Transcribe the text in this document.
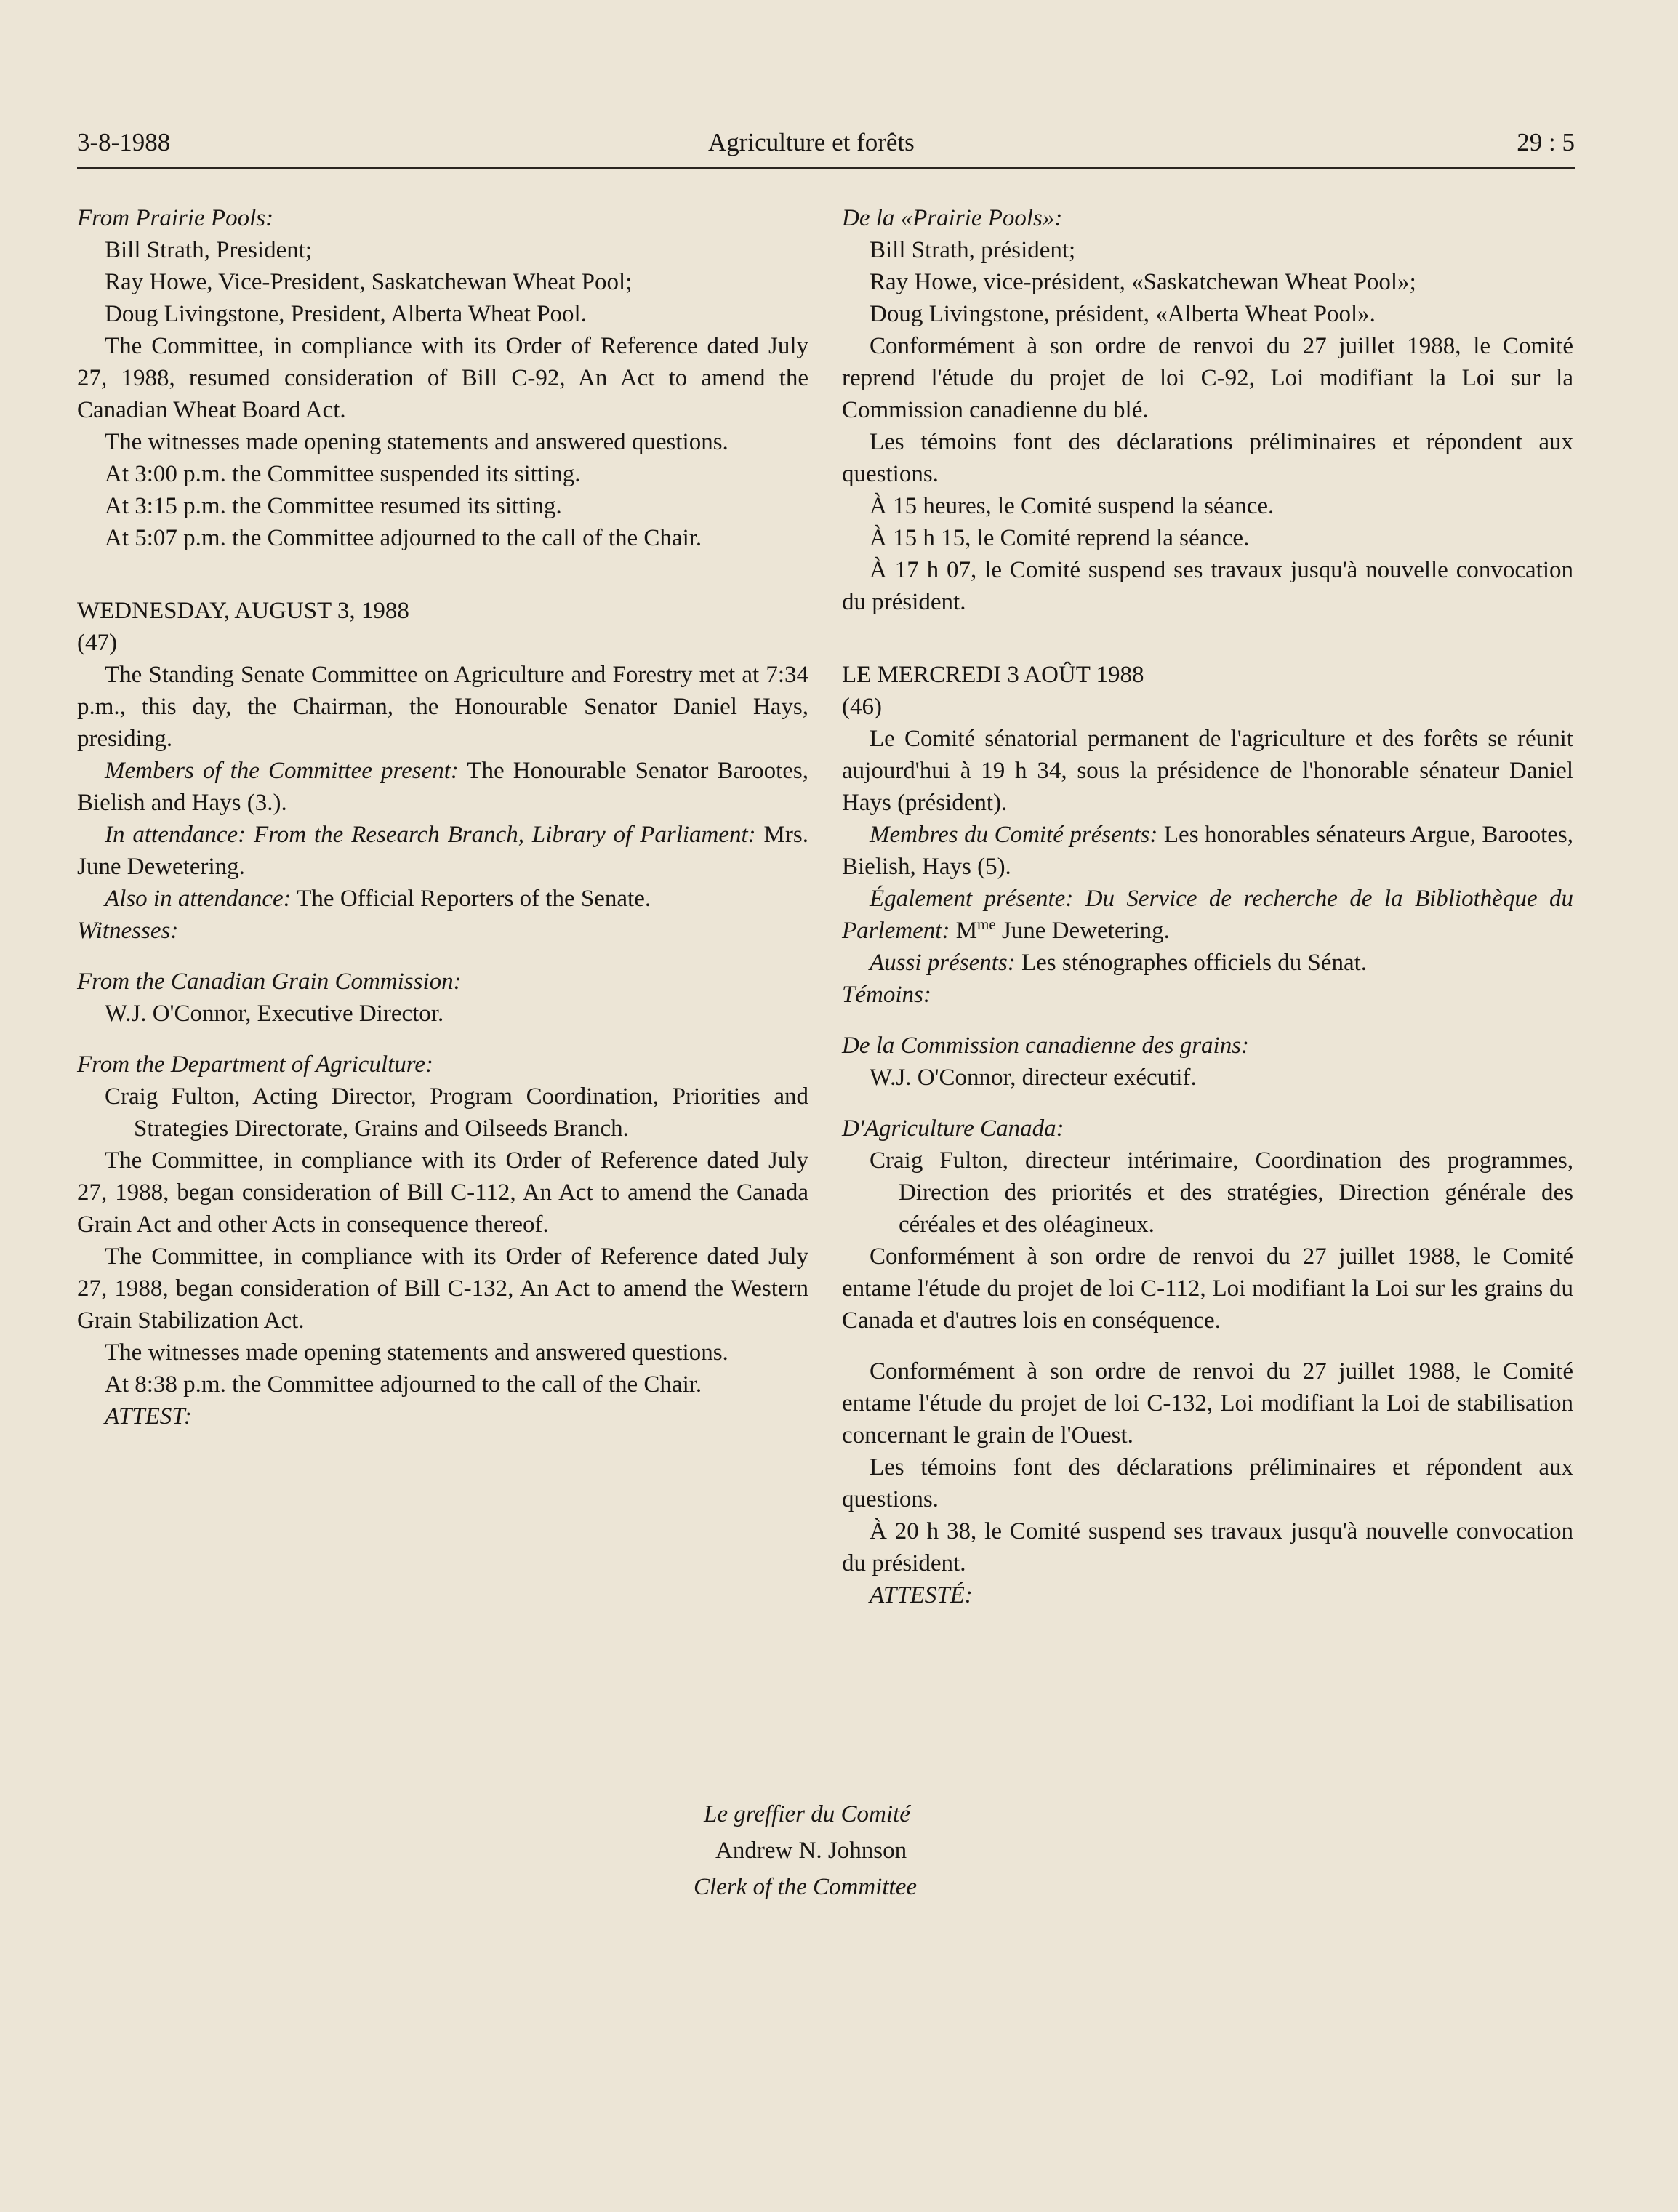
3-8-1988	Agriculture et forêts	29 : 5

From Prairie Pools:

Bill Strath, President;

Ray Howe, Vice-President, Saskatchewan Wheat Pool;

Doug Livingstone, President, Alberta Wheat Pool.

The Committee, in compliance with its Order of Reference dated July 27, 1988, resumed consideration of Bill C-92, An Act to amend the Canadian Wheat Board Act.

The witnesses made opening statements and answered questions.

At 3:00 p.m. the Committee suspended its sitting.

At 3:15 p.m. the Committee resumed its sitting.

At 5:07 p.m. the Committee adjourned to the call of the Chair.

WEDNESDAY, AUGUST 3, 1988

(47)

The Standing Senate Committee on Agriculture and Forestry met at 7:34 p.m., this day, the Chairman, the Honourable Senator Daniel Hays, presiding.

Members of the Committee present: The Honourable Senator Barootes, Bielish and Hays (3.).

In attendance: From the Research Branch, Library of Parliament: Mrs. June Dewetering.

Also in attendance: The Official Reporters of the Senate.

Witnesses:

From the Canadian Grain Commission:

W.J. O'Connor, Executive Director.

From the Department of Agriculture:

Craig Fulton, Acting Director, Program Coordination, Priorities and Strategies Directorate, Grains and Oilseeds Branch.

The Committee, in compliance with its Order of Reference dated July 27, 1988, began consideration of Bill C-112, An Act to amend the Canada Grain Act and other Acts in consequence thereof.

The Committee, in compliance with its Order of Reference dated July 27, 1988, began consideration of Bill C-132, An Act to amend the Western Grain Stabilization Act.

The witnesses made opening statements and answered questions.

At 8:38 p.m. the Committee adjourned to the call of the Chair.

ATTEST:

De la «Prairie Pools»:

Bill Strath, président;

Ray Howe, vice-président, «Saskatchewan Wheat Pool»;

Doug Livingstone, président, «Alberta Wheat Pool».

Conformément à son ordre de renvoi du 27 juillet 1988, le Comité reprend l'étude du projet de loi C-92, Loi modifiant la Loi sur la Commission canadienne du blé.

Les témoins font des déclarations préliminaires et répondent aux questions.

À 15 heures, le Comité suspend la séance.

À 15 h 15, le Comité reprend la séance.

À 17 h 07, le Comité suspend ses travaux jusqu'à nouvelle convocation du président.

LE MERCREDI 3 AOÛT 1988

(46)

Le Comité sénatorial permanent de l'agriculture et des forêts se réunit aujourd'hui à 19 h 34, sous la présidence de l'honorable sénateur Daniel Hays (président).

Membres du Comité présents: Les honorables sénateurs Argue, Barootes, Bielish, Hays (5).

Également présente: Du Service de recherche de la Bibliothèque du Parlement: $M^{me}$ June Dewetering.

Aussi présents: Les sténographes officiels du Sénat.

Témoins:

De la Commission canadienne des grains:

W.J. O'Connor, directeur exécutif.

D'Agriculture Canada:

Craig Fulton, directeur intérimaire, Coordination des programmes, Direction des priorités et des stratégies, Direction générale des céréales et des oléagineux.

Conformément à son ordre de renvoi du 27 juillet 1988, le Comité entame l'étude du projet de loi C-112, Loi modifiant la Loi sur les grains du Canada et d'autres lois en conséquence.

Conformément à son ordre de renvoi du 27 juillet 1988, le Comité entame l'étude du projet de loi C-132, Loi modifiant la Loi de stabilisation concernant le grain de l'Ouest.

Les témoins font des déclarations préliminaires et répondent aux questions.

À 20 h 38, le Comité suspend ses travaux jusqu'à nouvelle convocation du président.

ATTESTÉ:

Le greffier du Comité
Andrew N. Johnson
Clerk of the Committee
